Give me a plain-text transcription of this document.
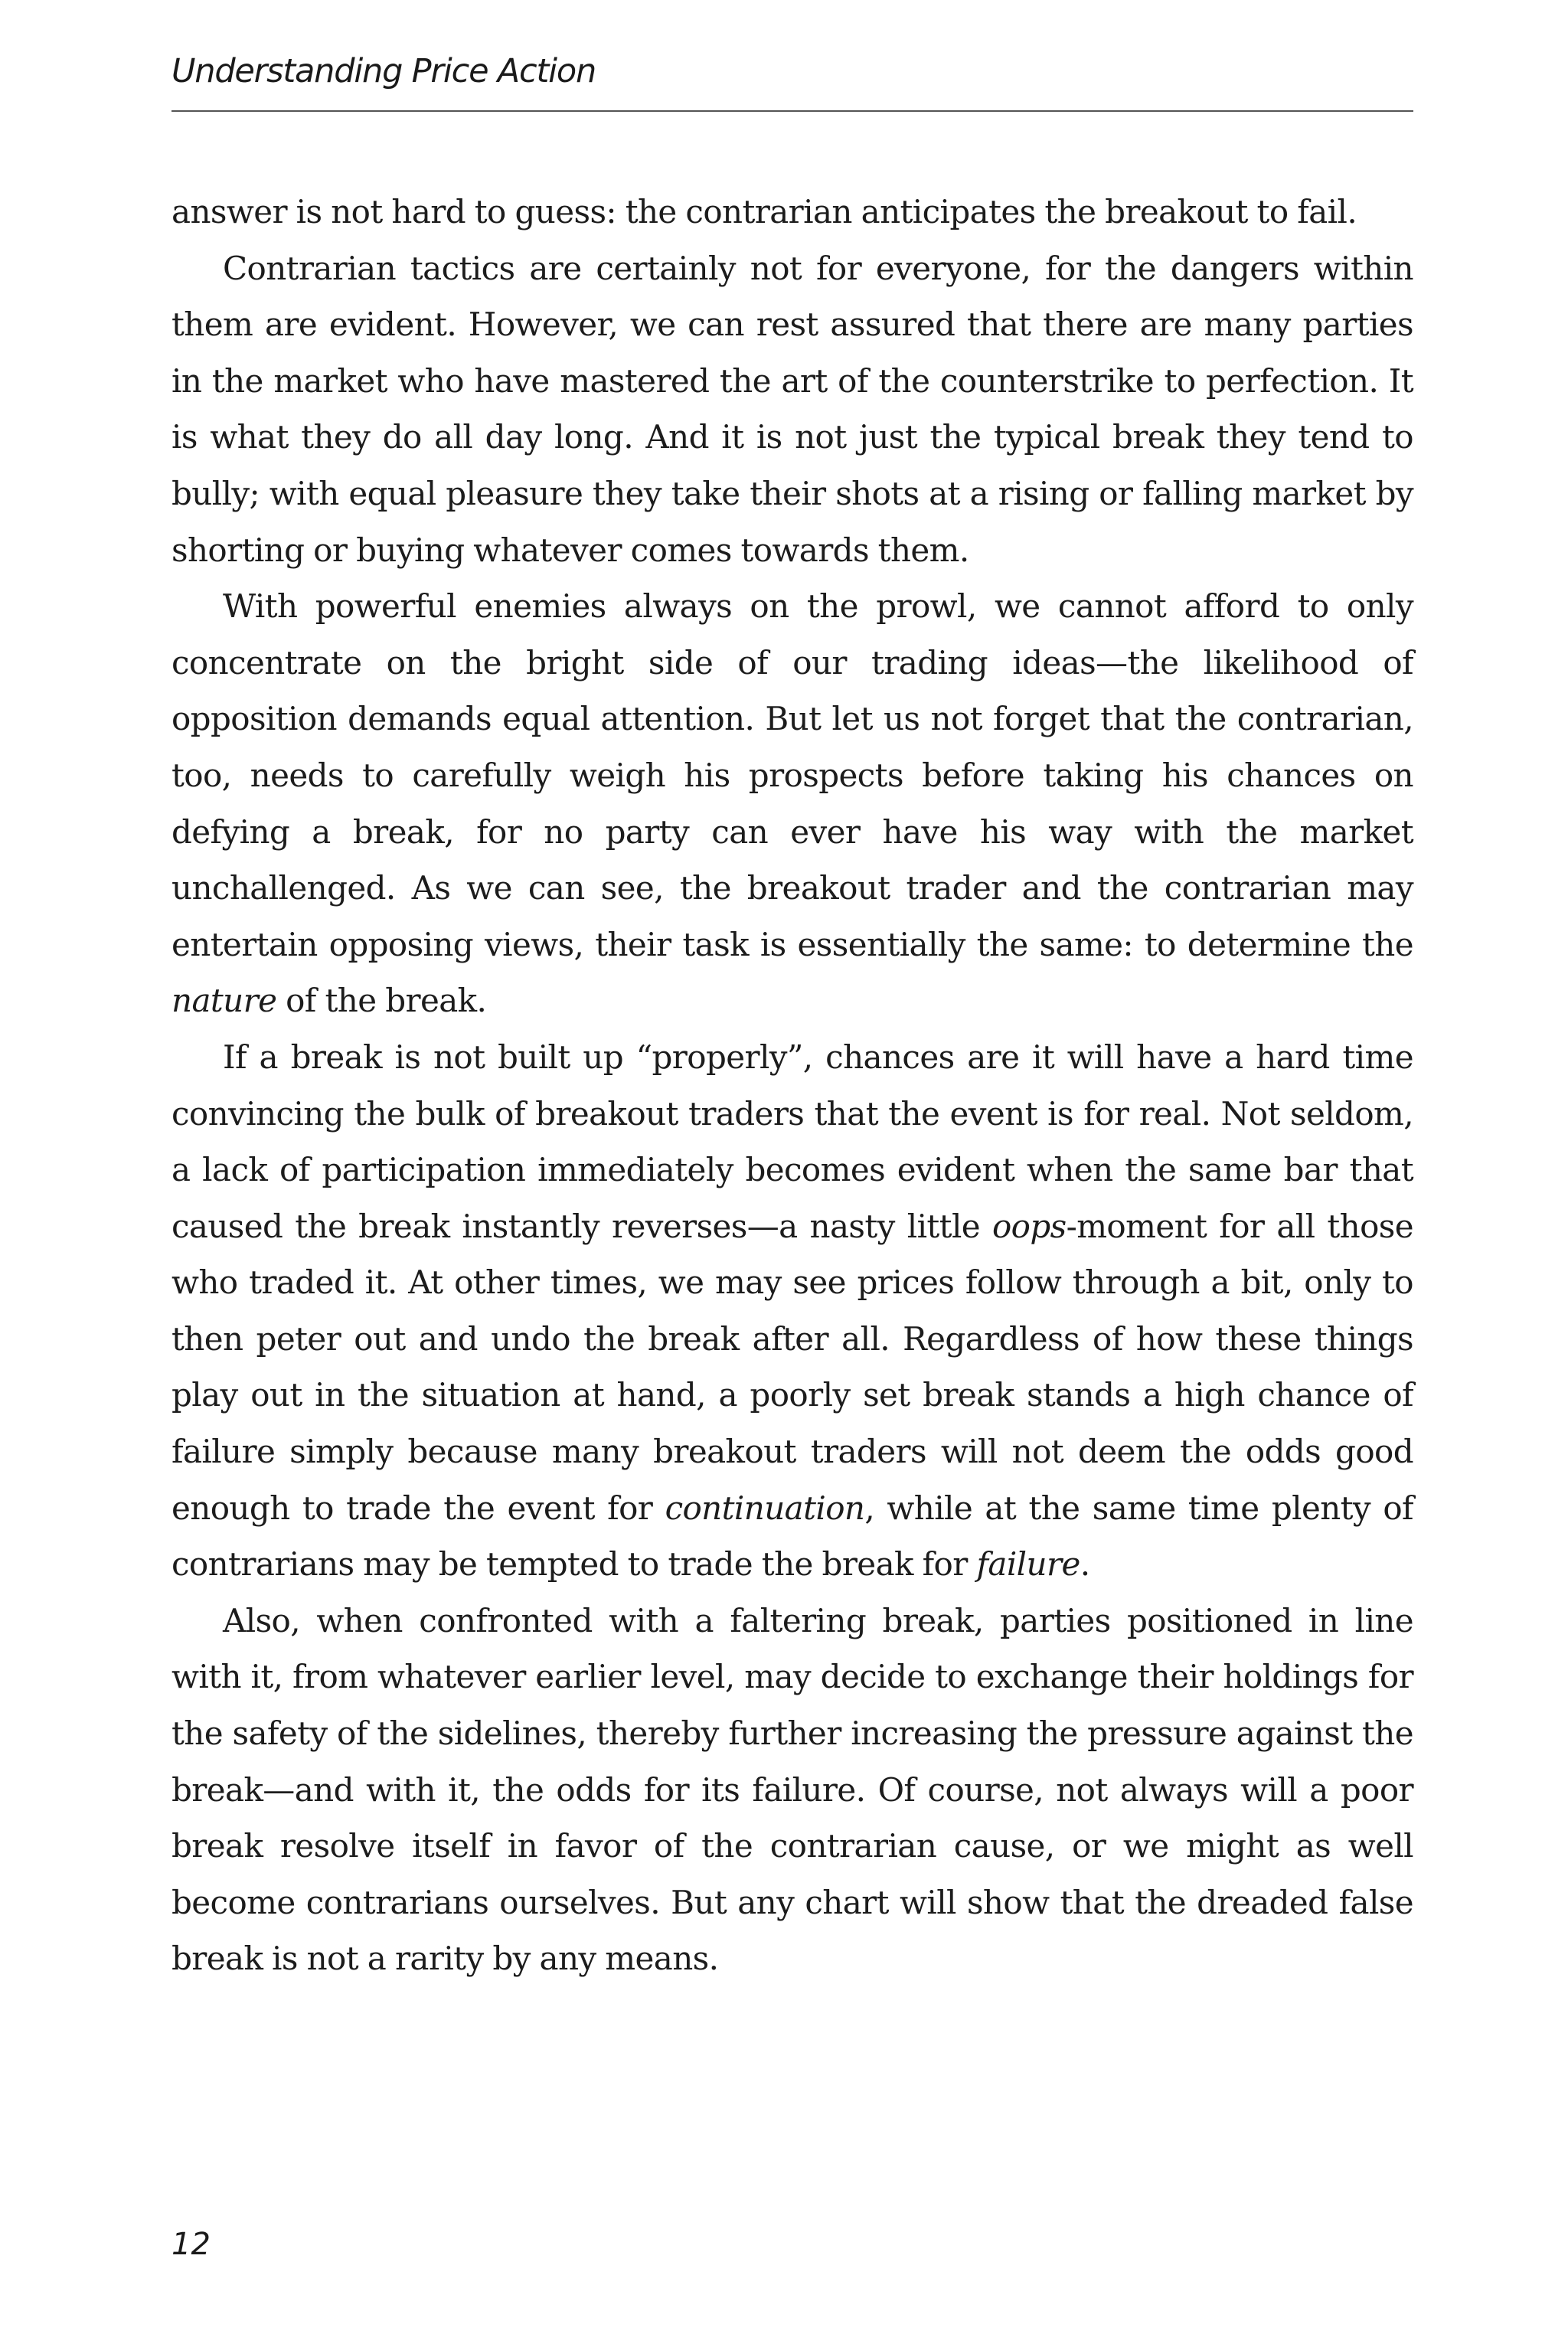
Understanding Price Action

answer is not hard to guess: the contrarian anticipates the breakout to fail.

Contrarian tactics are certainly not for everyone, for the dangers within them are evident. However, we can rest assured that there are many parties in the market who have mastered the art of the counterstrike to perfection. It is what they do all day long. And it is not just the typical break they tend to bully; with equal pleasure they take their shots at a rising or falling market by shorting or buying whatever comes towards them.

With powerful enemies always on the prowl, we cannot afford to only concentrate on the bright side of our trading ideas—the likelihood of opposition demands equal attention. But let us not forget that the contrarian, too, needs to carefully weigh his prospects before taking his chances on defying a break, for no party can ever have his way with the market unchallenged. As we can see, the breakout trader and the contrarian may entertain opposing views, their task is essentially the same: to determine the nature of the break.

If a break is not built up “properly”, chances are it will have a hard time convincing the bulk of breakout traders that the event is for real. Not seldom, a lack of participation immediately becomes evident when the same bar that caused the break instantly reverses—a nasty little oops-moment for all those who traded it. At other times, we may see prices follow through a bit, only to then peter out and undo the break after all. Regardless of how these things play out in the situation at hand, a poorly set break stands a high chance of failure simply because many breakout traders will not deem the odds good enough to trade the event for continuation, while at the same time plenty of contrarians may be tempted to trade the break for failure.

Also, when confronted with a faltering break, parties positioned in line with it, from whatever earlier level, may decide to exchange their holdings for the safety of the sidelines, thereby further increasing the pressure against the break—and with it, the odds for its failure. Of course, not always will a poor break resolve itself in favor of the contrarian cause, or we might as well become contrarians ourselves. But any chart will show that the dreaded false break is not a rarity by any means.

12
